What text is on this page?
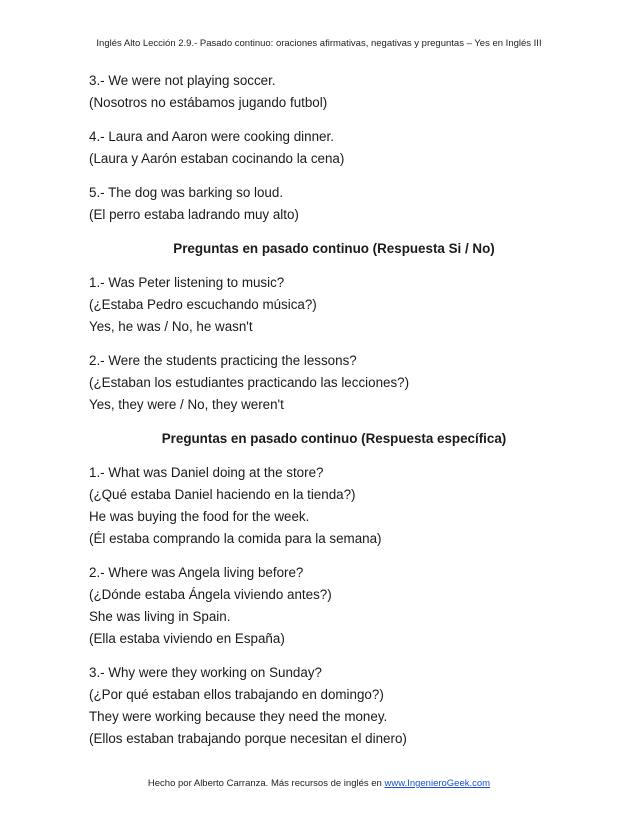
Inglés Alto Lección 2.9.- Pasado continuo: oraciones afirmativas, negativas y preguntas – Yes en Inglés III
3.- We were not playing soccer.
(Nosotros no estábamos jugando futbol)
4.- Laura and Aaron were cooking dinner.
(Laura y Aarón estaban cocinando la cena)
5.- The dog was barking so loud.
(El perro estaba ladrando muy alto)
Preguntas en pasado continuo (Respuesta Si / No)
1.- Was Peter listening to music?
(¿Estaba Pedro escuchando música?)
Yes, he was / No, he wasn't
2.- Were the students practicing the lessons?
(¿Estaban los estudiantes practicando las lecciones?)
Yes, they were / No, they weren't
Preguntas en pasado continuo (Respuesta específica)
1.- What was Daniel doing at the store?
(¿Qué estaba Daniel haciendo en la tienda?)
He was buying the food for the week.
(Él estaba comprando la comida para la semana)
2.- Where was Angela living before?
(¿Dónde estaba Ángela viviendo antes?)
She was living in Spain.
(Ella estaba viviendo en España)
3.- Why were they working on Sunday?
(¿Por qué estaban ellos trabajando en domingo?)
They were working because they need the money.
(Ellos estaban trabajando porque necesitan el dinero)
Hecho por Alberto Carranza. Más recursos de inglés en www.IngenieroGeek.com
